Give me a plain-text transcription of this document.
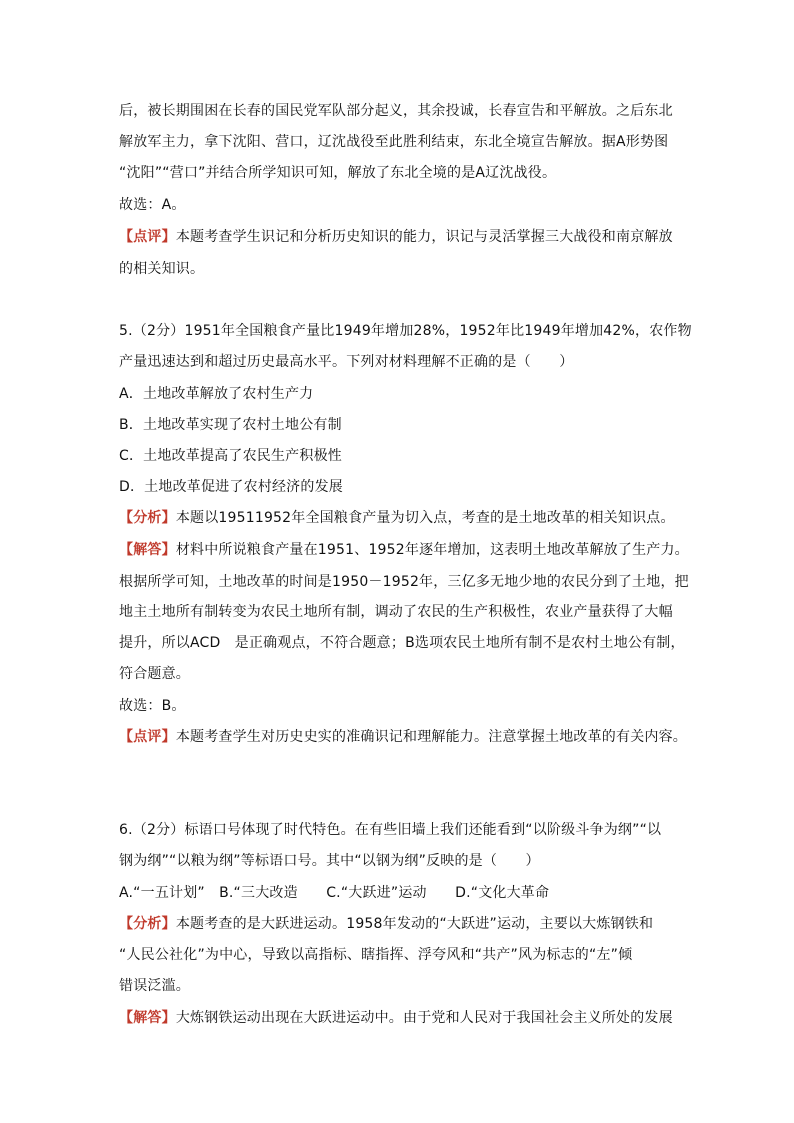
后，被长期围困在长春的国民党军队部分起义，其余投诚，长春宣告和平解放。之后东北
解放军主力，拿下沈阳、营口，辽沈战役至此胜利结束，东北全境宣告解放。据A形势图
“沈阳”“营口”并结合所学知识可知，解放了东北全境的是A辽沈战役。
故选：A。
【点评】本题考查学生识记和分析历史知识的能力，识记与灵活掌握三大战役和南京解放
的相关知识。
5.（2分）1951年全国粮食产量比1949年增加28%，1952年比1949年增加42%，农作物
产量迅速达到和超过历史最高水平。下列对材料理解不正确的是（　　）
A．土地改革解放了农村生产力
B．土地改革实现了农村土地公有制
C．土地改革提高了农民生产积极性
D．土地改革促进了农村经济的发展
【分析】本题以19511952年全国粮食产量为切入点，考查的是土地改革的相关知识点。
【解答】材料中所说粮食产量在1951、1952年逐年增加，这表明土地改革解放了生产力。
根据所学可知，土地改革的时间是1950－1952年，三亿多无地少地的农民分到了土地，把
地主土地所有制转变为农民土地所有制，调动了农民的生产积极性，农业产量获得了大幅
提升，所以ACD　是正确观点，不符合题意；B选项农民土地所有制不是农村土地公有制，
符合题意。
故选：B。
【点评】本题考查学生对历史史实的准确识记和理解能力。注意掌握土地改革的有关内容。
6.（2分）标语口号体现了时代特色。在有些旧墙上我们还能看到“以阶级斗争为纲”“以
钢为纲”“以粮为纲”等标语口号。其中“以钢为纲”反映的是（　　）
A.“一五计划”　B.“三大改造　　C.“大跃进”运动　　D.“文化大革命
【分析】本题考查的是大跃进运动。1958年发动的“大跃进”运动，主要以大炼钢铁和
“人民公社化”为中心，导致以高指标、瞎指挥、浮夸风和“共产”风为标志的“左”倾
错误泛滥。
【解答】大炼钢铁运动出现在大跃进运动中。由于党和人民对于我国社会主义所处的发展
